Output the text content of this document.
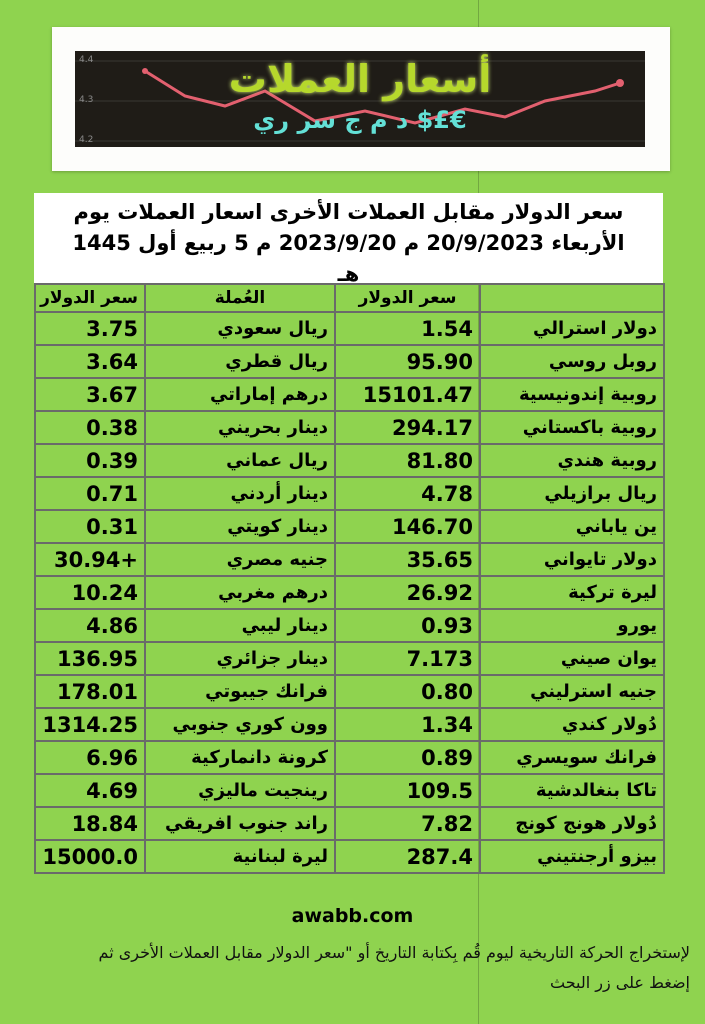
4.4
4.3
4.2
أسعار العملات
€£$ د م ج سر ري
سعر الدولار مقابل العملات الأخرى اسعار العملات يوم
الأربعاء 20/9/2023 م 2023/9/20 م 5 ربيع أول 1445
هـ
سعر الدولار	العُملة	سعر الدولار	
3.75	ريال سعودي	1.54	دولار استرالي
3.64	ريال قطري	95.90	روبل روسي
3.67	درهم إماراتي	15101.47	روبية إندونيسية
0.38	دينار بحريني	294.17	روبية باكستاني
0.39	ريال عماني	81.80	روبية هندي
0.71	دينار أردني	4.78	ريال برازيلي
0.31	دينار كويتي	146.70	ين ياباني
30.94+	جنيه مصري	35.65	دولار تايواني
10.24	درهم مغربي	26.92	ليرة تركية
4.86	دينار ليبي	0.93	يورو
136.95	دينار جزائري	7.173	يوان صيني
178.01	فرانك جيبوتي	0.80	جنيه استرليني
1314.25	وون كوري جنوبي	1.34	دُولار كندي
6.96	كرونة دانماركية	0.89	فرانك سويسري
4.69	رينجيت ماليزي	109.5	تاكا بنغالدشية
18.84	راند جنوب افريقي	7.82	دُولار هونج كونج
15000.0	ليرة لبنانية	287.4	بيزو أرجنتيني
awabb.com
لإستخراج الحركة التاريخية ليوم قُم بِكتابة التاريخ أو "سعر الدولار مقابل العملات الأخرى ثم إضغط على زر البحث
